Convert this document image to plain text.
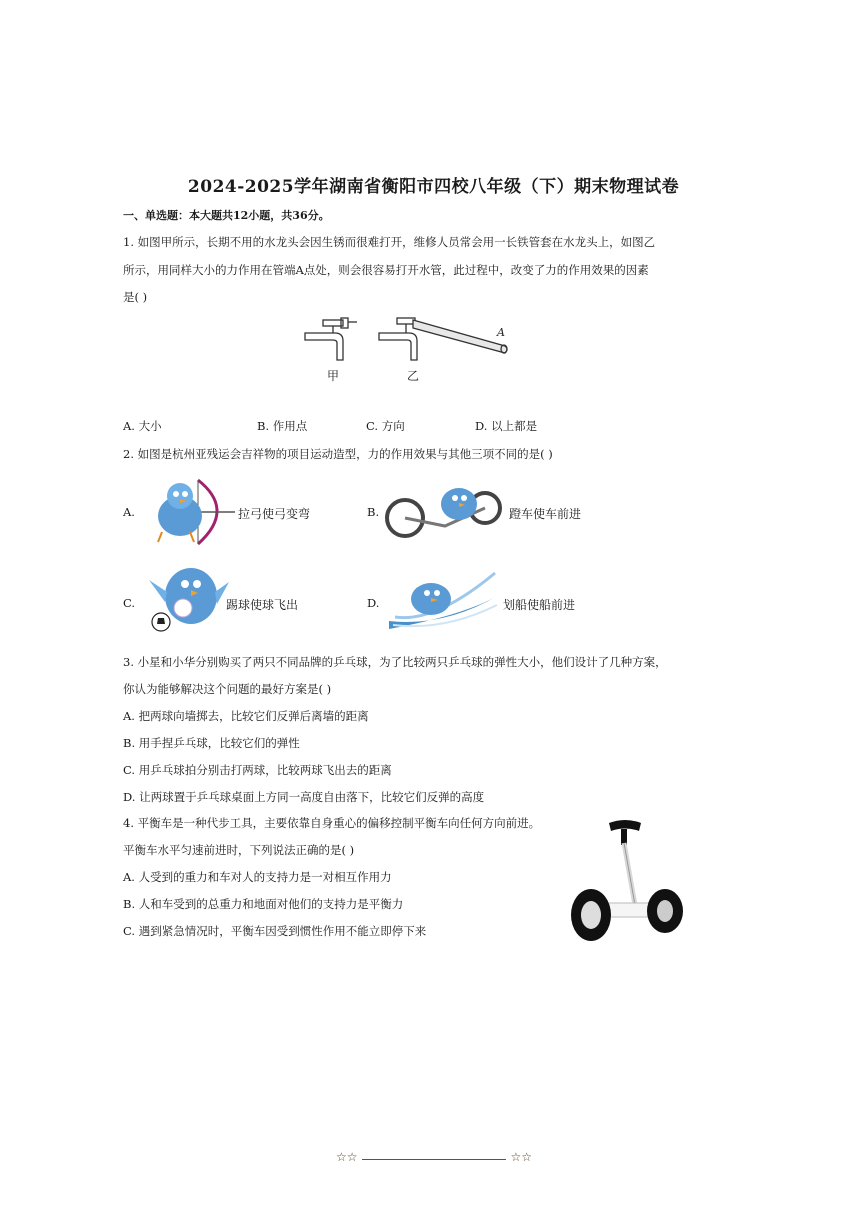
2024-2025学年湖南省衡阳市四校八年级（下）期末物理试卷
一、单选题：本大题共12小题，共36分。
1. 如图甲所示，长期不用的水龙头会因生锈而很难打开，维修人员常会用一长铁管套在水龙头上，如图乙
所示，用同样大小的力作用在管端A点处，则会很容易打开水管，此过程中，改变了力的作用效果的因素
是( )
甲	乙
A
A. 大小	B. 作用点	C. 方向	D. 以上都是
2. 如图是杭州亚残运会吉祥物的项目运动造型，力的作用效果与其他三项不同的是( )
A.	拉弓使弓变弯	B.	蹬车使车前进
C.	踢球使球飞出	D.	划船使船前进
3. 小星和小华分别购买了两只不同品牌的乒乓球，为了比较两只乒乓球的弹性大小，他们设计了几种方案，
你认为能够解决这个问题的最好方案是( )
A. 把两球向墙掷去，比较它们反弹后离墙的距离
B. 用手捏乒乓球，比较它们的弹性
C. 用乒乓球拍分别击打两球，比较两球飞出去的距离
D. 让两球置于乒乓球桌面上方同一高度自由落下，比较它们反弹的高度
4. 平衡车是一种代步工具，主要依靠自身重心的偏移控制平衡车向任何方向前进。
平衡车水平匀速前进时，下列说法正确的是( )
A. 人受到的重力和车对人的支持力是一对相互作用力
B. 人和车受到的总重力和地面对他们的支持力是平衡力
C. 遇到紧急情况时，平衡车因受到惯性作用不能立即停下来
☆☆	☆☆
